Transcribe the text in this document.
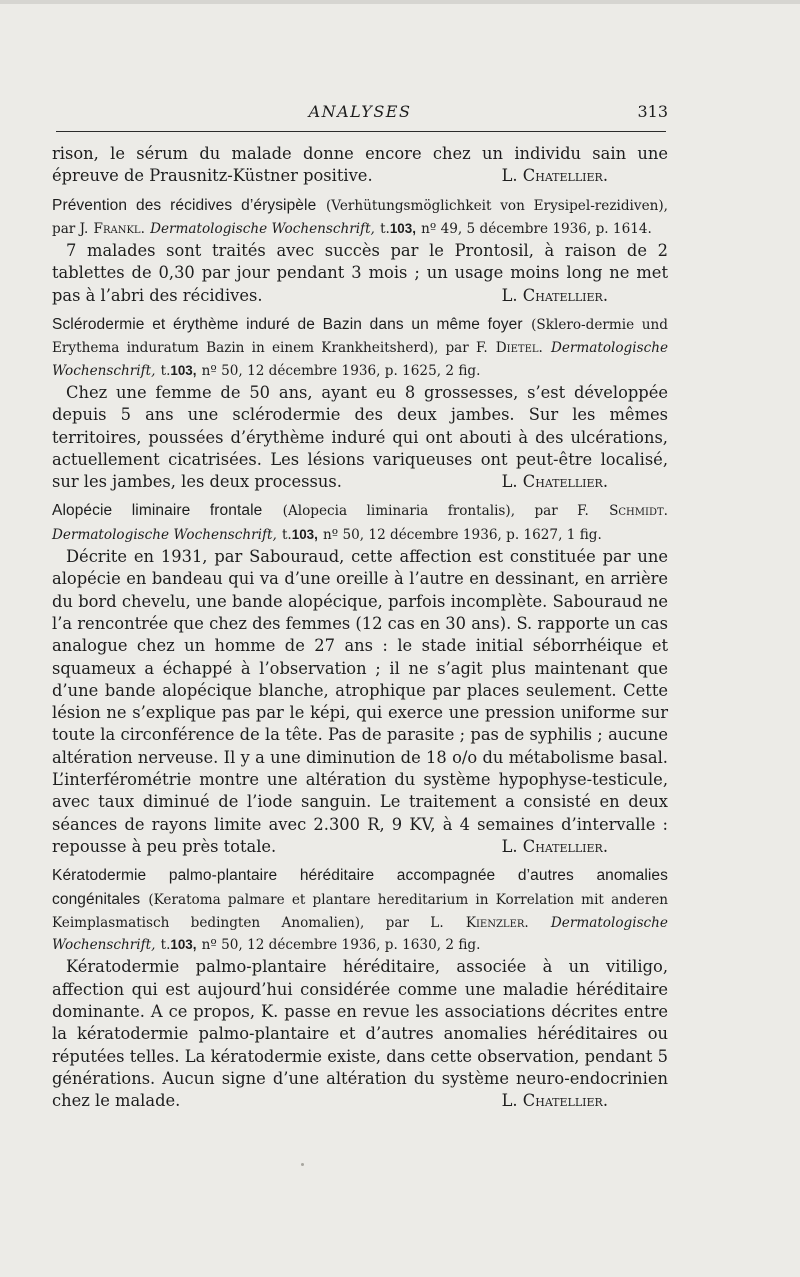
ANALYSES	313

rison, le sérum du malade donne encore chez un individu sain une épreuve de Prausnitz-Küstner positive.	L. Chatellier.

Prévention des récidives d’érysipèle (Verhütungsmöglichkeit von Erysipel-rezidiven), par J. Frankl. Dermatologische Wochenschrift, t.103, nº 49, 5 décembre 1936, p. 1614.

7 malades sont traités avec succès par le Prontosil, à raison de 2 tablettes de 0,30 par jour pendant 3 mois ; un usage moins long ne met pas à l’abri des récidives.	L. Chatellier.

Sclérodermie et érythème induré de Bazin dans un même foyer (Sklero-dermie und Erythema induratum Bazin in einem Krankheitsherd), par F. Dietel. Dermatologische Wochenschrift, t.103, nº 50, 12 décembre 1936, p. 1625, 2 fig.

Chez une femme de 50 ans, ayant eu 8 grossesses, s’est développée depuis 5 ans une sclérodermie des deux jambes. Sur les mêmes territoires, poussées d’érythème induré qui ont abouti à des ulcérations, actuellement cicatrisées. Les lésions variqueuses ont peut-être localisé, sur les jambes, les deux processus.	L. Chatellier.

Alopécie liminaire frontale (Alopecia liminaria frontalis), par F. Schmidt. Dermatologische Wochenschrift, t.103, nº 50, 12 décembre 1936, p. 1627, 1 fig.

Décrite en 1931, par Sabouraud, cette affection est constituée par une alopécie en bandeau qui va d’une oreille à l’autre en dessinant, en arrière du bord chevelu, une bande alopécique, parfois incomplète. Sabouraud ne l’a rencontrée que chez des femmes (12 cas en 30 ans). S. rapporte un cas analogue chez un homme de 27 ans : le stade initial séborrhéique et squameux a échappé à l’observation ; il ne s’agit plus maintenant que d’une bande alopécique blanche, atrophique par places seulement. Cette lésion ne s’explique pas par le képi, qui exerce une pression uniforme sur toute la circonférence de la tête. Pas de parasite ; pas de syphilis ; aucune altération nerveuse. Il y a une diminution de 18 o/o du métabolisme basal. L’interférométrie montre une altération du système hypophyse-testicule, avec taux diminué de l’iode sanguin. Le traitement a consisté en deux séances de rayons limite avec 2.300 R, 9 KV, à 4 semaines d’intervalle : repousse à peu près totale.	L. Chatellier.

Kératodermie palmo-plantaire héréditaire accompagnée d’autres anomalies congénitales (Keratoma palmare et plantare hereditarium in Korrelation mit anderen Keimplasmatisch bedingten Anomalien), par L. Kienzler. Dermatologische Wochenschrift, t.103, nº 50, 12 décembre 1936, p. 1630, 2 fig.

Kératodermie palmo-plantaire héréditaire, associée à un vitiligo, affection qui est aujourd’hui considérée comme une maladie héréditaire dominante. A ce propos, K. passe en revue les associations décrites entre la kératodermie palmo-plantaire et d’autres anomalies héréditaires ou réputées telles. La kératodermie existe, dans cette observation, pendant 5 générations. Aucun signe d’une altération du système neuro-endocrinien chez le malade.	L. Chatellier.
